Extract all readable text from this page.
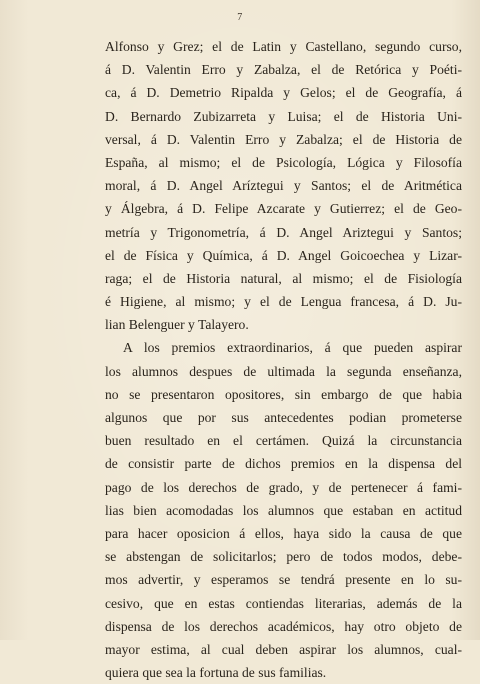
7
Alfonso y Grez; el de Latin y Castellano, segundo curso,
á D. Valentin Erro y Zabalza, el de Retórica y Poéti-
ca, á D. Demetrio Ripalda y Gelos; el de Geografía, á
D. Bernardo Zubizarreta y Luisa; el de Historia Uni-
versal, á D. Valentin Erro y Zabalza; el de Historia de
España, al mismo; el de Psicología, Lógica y Filosofía
moral, á D. Angel Aríztegui y Santos; el de Aritmética
y Álgebra, á D. Felipe Azcarate y Gutierrez; el de Geo-
metría y Trigonometría, á D. Angel Ariztegui y Santos;
el de Física y Química, á D. Angel Goicoechea y Lizar-
raga; el de Historia natural, al mismo; el de Fisiología
é Higiene, al mismo; y el de Lengua francesa, á D. Ju-
lian Belenguer y Talayero.
A los premios extraordinarios, á que pueden aspirar
los alumnos despues de ultimada la segunda enseñanza,
no se presentaron opositores, sin embargo de que habia
algunos que por sus antecedentes podian prometerse
buen resultado en el certámen. Quizá la circunstancia
de consistir parte de dichos premios en la dispensa del
pago de los derechos de grado, y de pertenecer á fami-
lias bien acomodadas los alumnos que estaban en actitud
para hacer oposicion á ellos, haya sido la causa de que
se abstengan de solicitarlos; pero de todos modos, debe-
mos advertir, y esperamos se tendrá presente en lo su-
cesivo, que en estas contiendas literarias, además de la
dispensa de los derechos académicos, hay otro objeto de
mayor estima, al cual deben aspirar los alumnos, cual-
quiera que sea la fortuna de sus familias.
